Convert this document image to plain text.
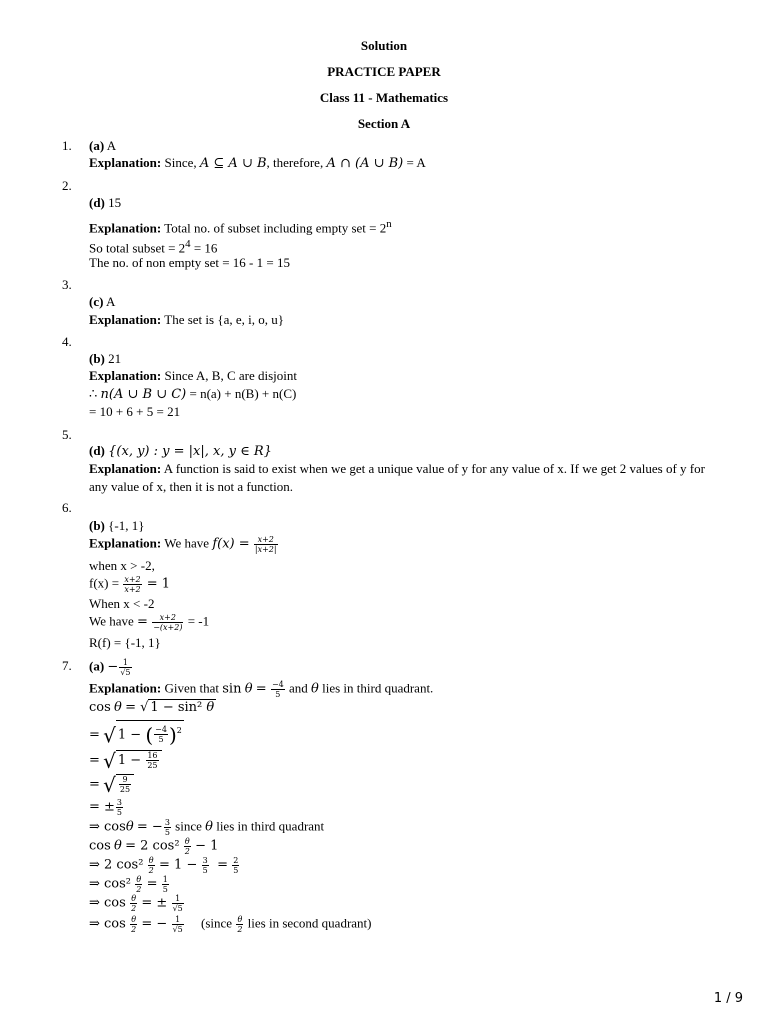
Solution
PRACTICE PAPER
Class 11 - Mathematics
Section A
1. (a) A
Explanation: Since, A ⊆ A ∪ B, therefore, A ∩ (A ∪ B) = A
2.
(d) 15
Explanation: Total no. of subset including empty set = $2^n$
So total subset = $2^4 = 16$
The no. of non empty set = 16 - 1 = 15
3.
(c) A
Explanation: The set is {a, e, i, o, u}
4.
(b) 21
Explanation: Since A, B, C are disjoint
∴ n(A ∪ B ∪ C) = n(a) + n(B) + n(C)
= 10 + 6 + 5 = 21
5.
(d) {(x, y) : y = |x|, x, y ∈ R}
Explanation: A function is said to exist when we get a unique value of y for any value of x. If we get 2 values of y for any value of x, then it is not a function.
6.
(b) {-1, 1}
Explanation: We have $f(x) = \frac{x+2}{|x+2|}$
when x > -2,
$f(x) = \frac{x+2}{x+2} = 1$
When x < -2
We have = $\frac{x+2}{-(x+2)} = -1$
R(f) = {-1, 1}
7. $(a) - \frac{1}{√5}$
Explanation: Given that $\sin \theta = \frac{-4}{5}$ and θ lies in third quadrant.
cos θ = √ 1 − sin² θ
= √ 1 − ( $\frac{-4}{5} )^2$
= √ $1 - \frac{16}{25}$
= √ $\frac{9}{25}$
= ± $\frac{3}{5}$
⇒ cosθ = − $\frac{3}{5}$ since θ lies in third quadrant
cos θ = 2 $\cos^2 \frac{\theta}{2} - 1$
⇒ 2 $\cos^2 \frac{\theta}{2} = 1 - \frac{3}{5} = \frac{2}{5}$
⇒ $\cos^2 \frac{\theta}{2} = \frac{1}{5}$
⇒ $\cos \frac{\theta}{2}$ = ± $\frac{1}{√5}$
⇒ $\cos \frac{\theta}{2}$ = − $\frac{1}{√5}$ (since $\frac{\theta}{2}$ lies in second quadrant)
1 / 9
